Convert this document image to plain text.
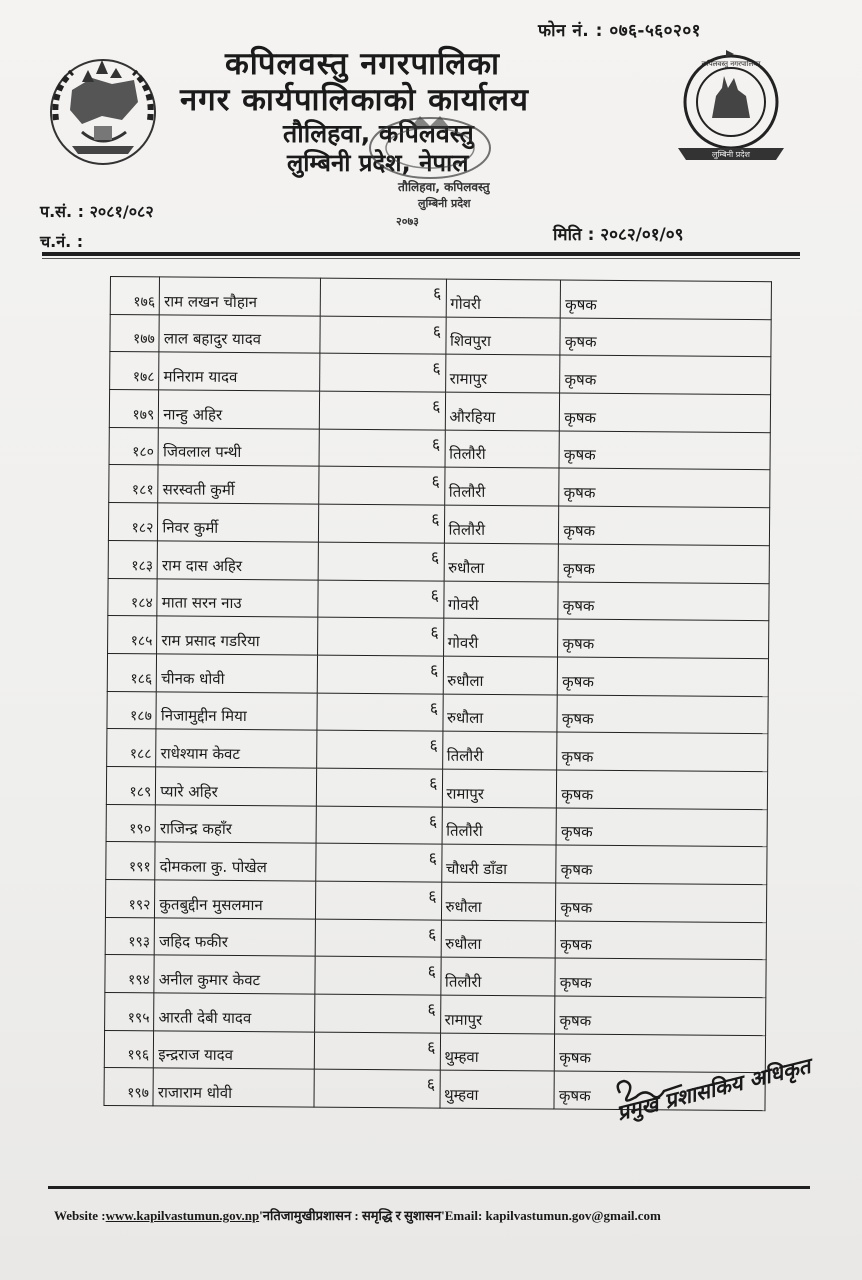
लुम्बिनी प्रदेश
कपिलवस्तु नगरपालिका
फोन नं. : ०७६-५६०२०१
कपिलवस्तु नगरपालिका
नगर कार्यपालिकाको कार्यालय
तौलिहवा, कपिलवस्तु
लुम्बिनी प्रदेश, नेपाल
तौलिहवा, कपिलवस्तु
लुम्बिनी प्रदेश
२०७३
प.सं. : २०८१/०८२
च.नं. :	मिति : २०८२/०१/०९
१७६	राम लखन चौहान	६	गोवरी	कृषक
१७७	लाल बहादुर यादव	६	शिवपुरा	कृषक
१७८	मनिराम यादव	६	रामापुर	कृषक
१७९	नान्हु अहिर	६	औरहिया	कृषक
१८०	जिवलाल पन्थी	६	तिलौरी	कृषक
१८१	सरस्वती कुर्मी	६	तिलौरी	कृषक
१८२	निवर कुर्मी	६	तिलौरी	कृषक
१८३	राम दास अहिर	६	रुधौला	कृषक
१८४	माता सरन नाउ	६	गोवरी	कृषक
१८५	राम प्रसाद गडरिया	६	गोवरी	कृषक
१८६	चीनक धोवी	६	रुधौला	कृषक
१८७	निजामुद्दीन मिया	६	रुधौला	कृषक
१८८	राधेश्याम केवट	६	तिलौरी	कृषक
१८९	प्यारे अहिर	६	रामापुर	कृषक
१९०	राजिन्द्र कहाँर	६	तिलौरी	कृषक
१९१	दोमकला कु. पोखेल	६	चौधरी डाँडा	कृषक
१९२	कुतबुद्दीन मुसलमान	६	रुधौला	कृषक
१९३	जहिद फकीर	६	रुधौला	कृषक
१९४	अनील कुमार केवट	६	तिलौरी	कृषक
१९५	आरती देबी यादव	६	रामापुर	कृषक
१९६	इन्द्रराज यादव	६	थुम्हवा	कृषक
१९७	राजाराम धोवी	६	थुम्हवा	कृषक प्रमुख प्रशासकिय अधिकृत
Website :www.kapilvastumun.gov.np'नतिजामुखीप्रशासन : समृद्धि र सुशासन'Email: kapilvastumun.gov@gmail.com
